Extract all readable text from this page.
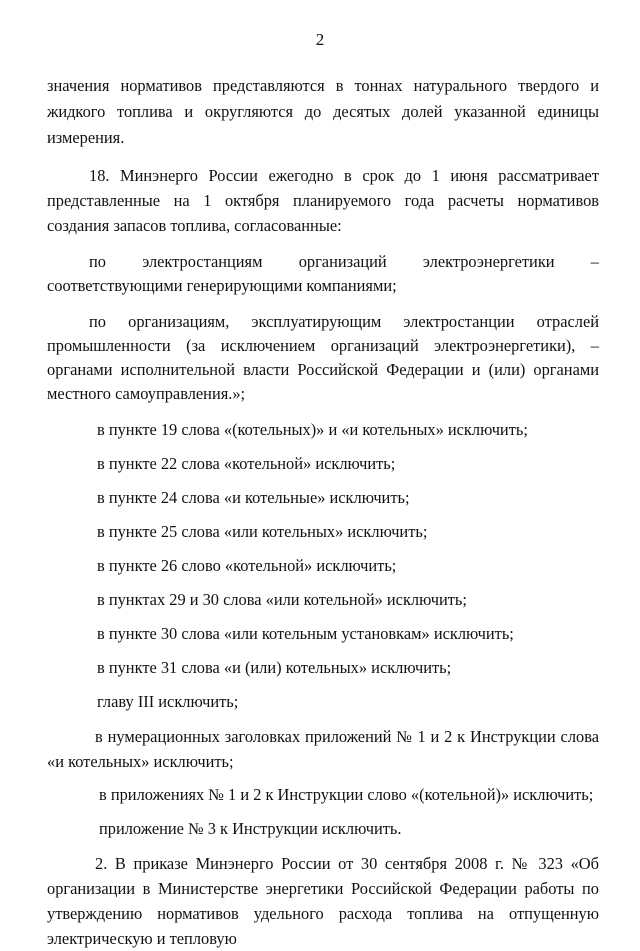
2

значения нормативов представляются в тоннах натурального твердого и жидкого топлива и округляются до десятых долей указанной единицы измерения.

18. Минэнерго России ежегодно в срок до 1 июня рассматривает представленные на 1 октября планируемого года расчеты нормативов создания запасов топлива, согласованные:

по электростанциям организаций электроэнергетики – соответствующими генерирующими компаниями;

по организациям, эксплуатирующим электростанции отраслей промышленности (за исключением организаций электроэнергетики), – органами исполнительной власти Российской Федерации и (или) органами местного самоуправления.»;

в пункте 19 слова «(котельных)» и «и котельных» исключить;

в пункте 22 слова «котельной» исключить;

в пункте 24 слова «и котельные» исключить;

в пункте 25 слова «или котельных» исключить;

в пункте 26 слово «котельной» исключить;

в пунктах 29 и 30 слова «или котельной» исключить;

в пункте 30 слова «или котельным установкам» исключить;

в пункте 31 слова «и (или) котельных» исключить;

главу III исключить;

в нумерационных заголовках приложений № 1 и 2 к Инструкции слова «и котельных» исключить;

в приложениях № 1 и 2 к Инструкции слово «(котельной)» исключить;

приложение № 3 к Инструкции исключить.

2. В приказе Минэнерго России от 30 сентября 2008 г. № 323 «Об организации в Министерстве энергетики Российской Федерации работы по утверждению нормативов удельного расхода топлива на отпущенную электрическую и тепловую
